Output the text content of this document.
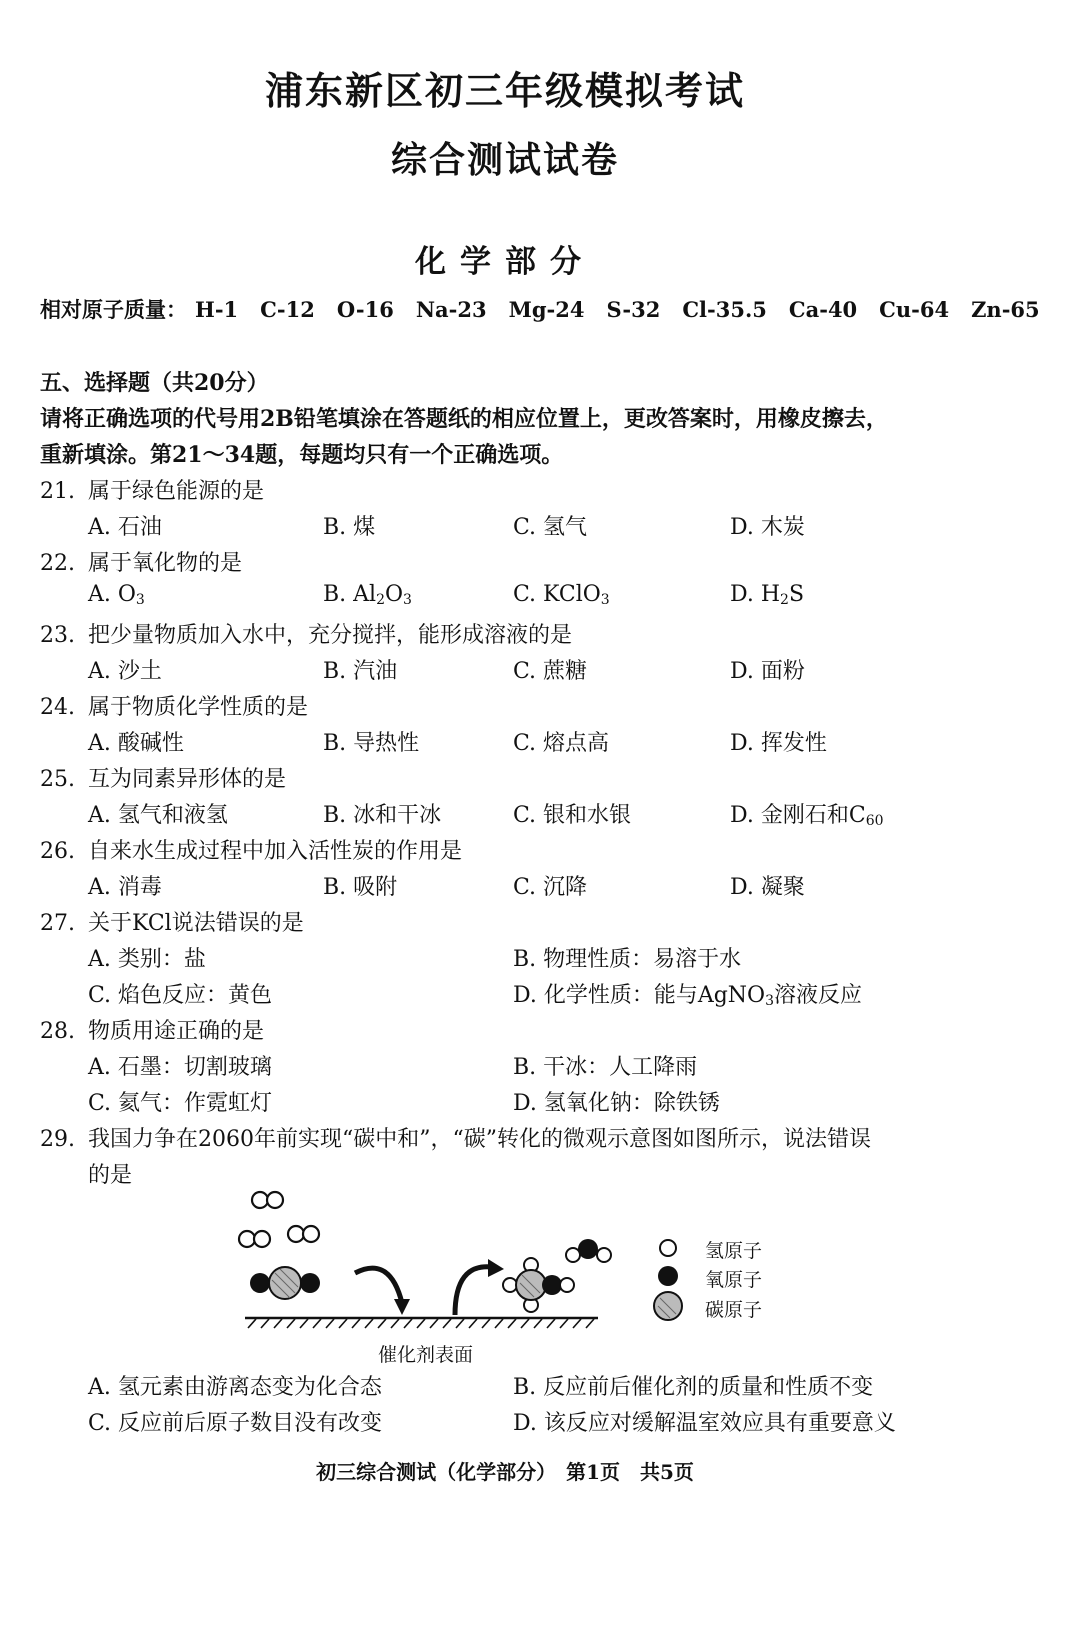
浦东新区初三年级模拟考试
综合测试试卷
化学部分
相对原子质量： H-1 C-12 O-16 Na-23 Mg-24 S-32 Cl-35.5 Ca-40 Cu-64 Zn-65
五、选择题（共20分）
请将正确选项的代号用2B铅笔填涂在答题纸的相应位置上，更改答案时，用橡皮擦去，
重新填涂。第21～34题，每题均只有一个正确选项。
21. 属于绿色能源的是
A. 石油	B. 煤	C. 氢气	D. 木炭
22. 属于氧化物的是
A. $O_3$	B. $Al_2O_3$	C. KClO$_3$	D. $H_2S$
23. 把少量物质加入水中，充分搅拌，能形成溶液的是
A. 沙土	B. 汽油	C. 蔗糖	D. 面粉
24. 属于物质化学性质的是
A. 酸碱性	B. 导热性	C. 熔点高	D. 挥发性
25. 互为同素异形体的是
A. 氢气和液氢	B. 冰和干冰	C. 银和水银	D. 金刚石和$C_{60}$
26. 自来水生成过程中加入活性炭的作用是
A. 消毒	B. 吸附	C. 沉降	D. 凝聚
27. 关于KCl说法错误的是
A. 类别：盐	B. 物理性质：易溶于水
C. 焰色反应：黄色	D. 化学性质：能与AgNO$_3$溶液反应
28. 物质用途正确的是
A. 石墨：切割玻璃	B. 干冰：人工降雨
C. 氦气：作霓虹灯	D. 氢氧化钠：除铁锈
29. 我国力争在2060年前实现“碳中和”，“碳”转化的微观示意图如图所示，说法错误
的是
催化剂表面
氢原子
氧原子
碳原子
A. 氢元素由游离态变为化合态	B. 反应前后催化剂的质量和性质不变
C. 反应前后原子数目没有改变	D. 该反应对缓解温室效应具有重要意义
初三综合测试（化学部分）　第1页　共5页
